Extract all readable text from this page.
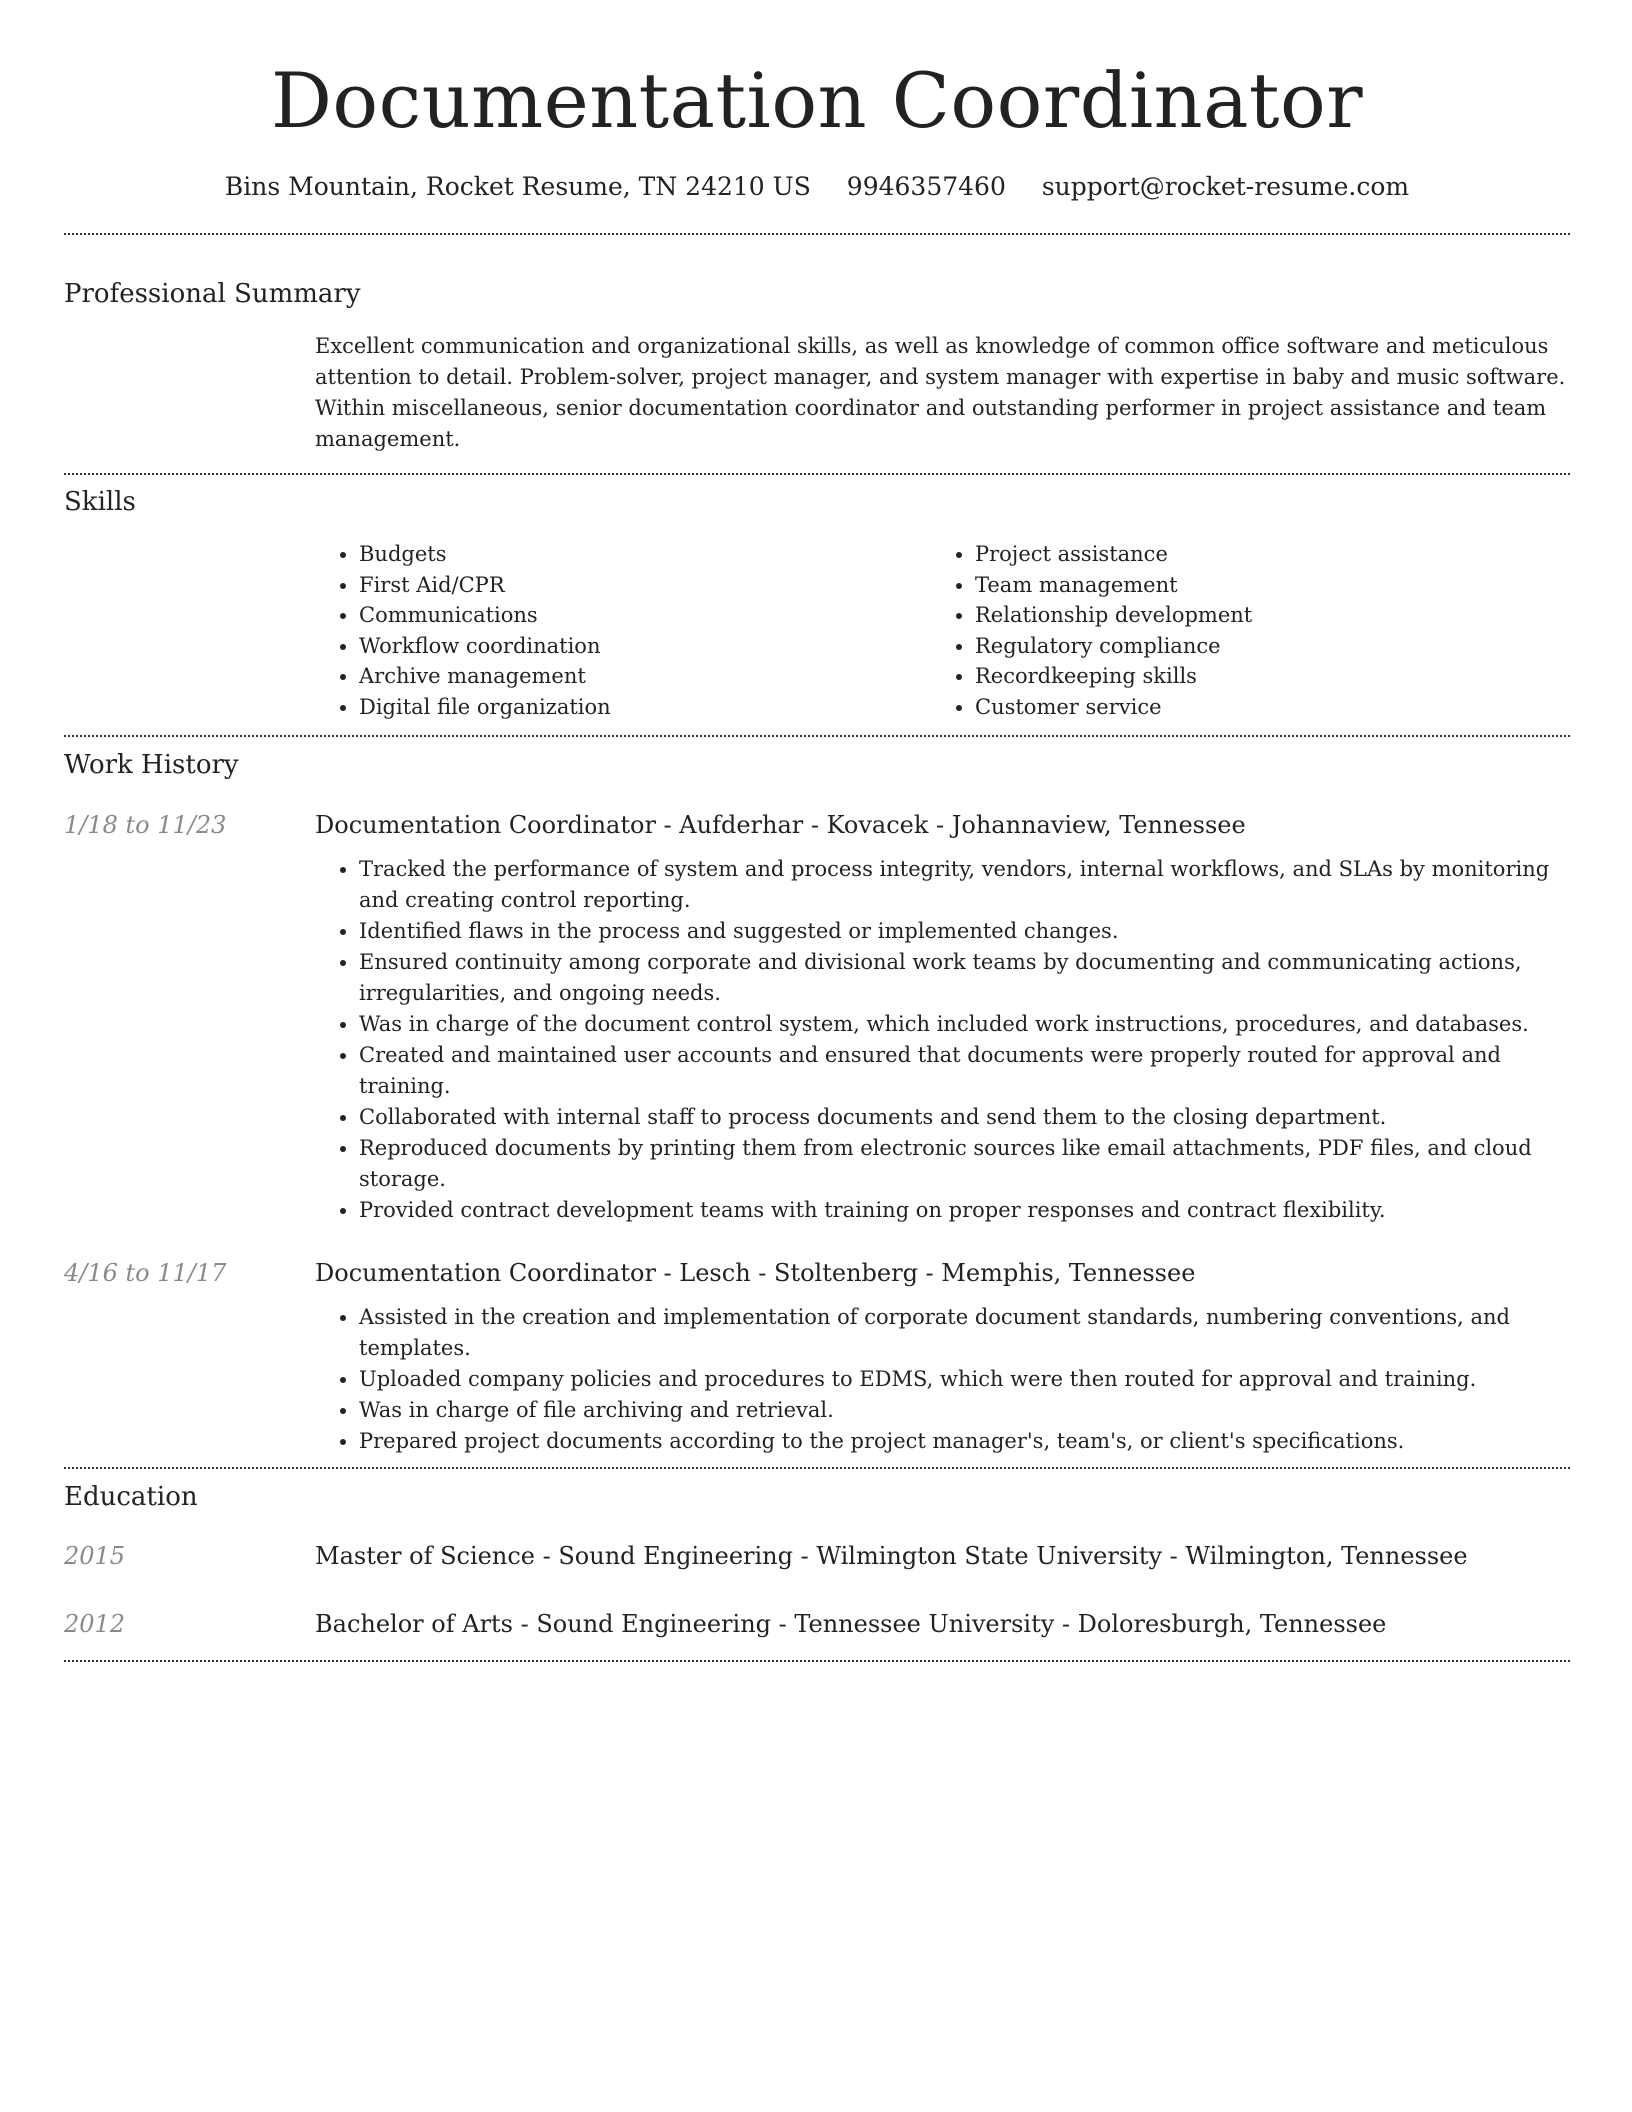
Documentation Coordinator
Bins Mountain, Rocket Resume, TN 24210 US 9946357460 support@rocket-resume.com
Professional Summary
Excellent communication and organizational skills, as well as knowledge of common office software and meticulous attention to detail. Problem-solver, project manager, and system manager with expertise in baby and music software. Within miscellaneous, senior documentation coordinator and outstanding performer in project assistance and team management.
Skills
• Budgets
• First Aid/CPR
• Communications
• Workflow coordination
• Archive management
• Digital file organization
• Project assistance
• Team management
• Relationship development
• Regulatory compliance
• Recordkeeping skills
• Customer service
Work History
1/18 to 11/23	Documentation Coordinator - Aufderhar - Kovacek - Johannaview, Tennessee
• Tracked the performance of system and process integrity, vendors, internal workflows, and SLAs by monitoring and creating control reporting.
• Identified flaws in the process and suggested or implemented changes.
• Ensured continuity among corporate and divisional work teams by documenting and communicating actions, irregularities, and ongoing needs.
• Was in charge of the document control system, which included work instructions, procedures, and databases.
• Created and maintained user accounts and ensured that documents were properly routed for approval and training.
• Collaborated with internal staff to process documents and send them to the closing department.
• Reproduced documents by printing them from electronic sources like email attachments, PDF files, and cloud storage.
• Provided contract development teams with training on proper responses and contract flexibility.
4/16 to 11/17	Documentation Coordinator - Lesch - Stoltenberg - Memphis, Tennessee
• Assisted in the creation and implementation of corporate document standards, numbering conventions, and templates.
• Uploaded company policies and procedures to EDMS, which were then routed for approval and training.
• Was in charge of file archiving and retrieval.
• Prepared project documents according to the project manager's, team's, or client's specifications.
Education
2015	Master of Science - Sound Engineering - Wilmington State University - Wilmington, Tennessee
2012	Bachelor of Arts - Sound Engineering - Tennessee University - Doloresburgh, Tennessee
